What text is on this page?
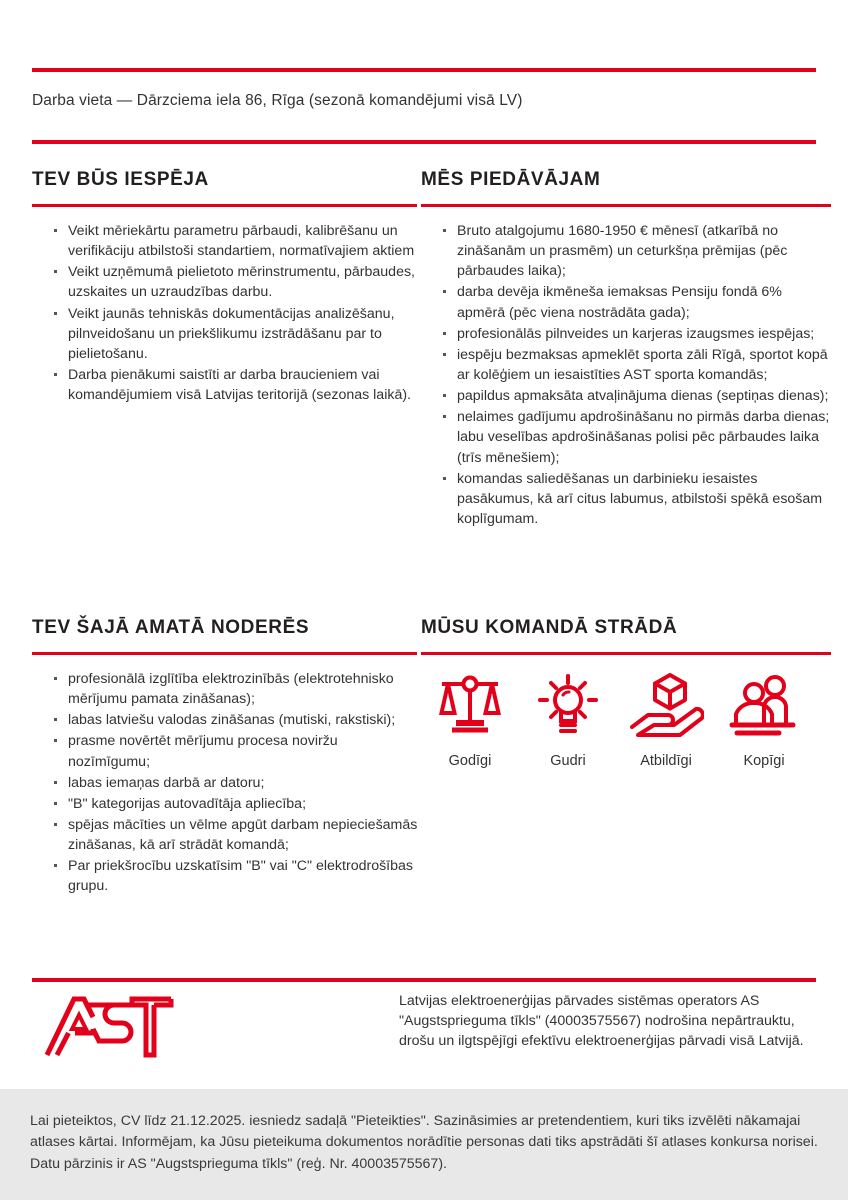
Darba vieta — Dārzciema iela 86, Rīga (sezonā komandējumi visā LV)
TEV BŪS IESPĒJA
Veikt mēriekārtu parametru pārbaudi, kalibrēšanu un verifikāciju atbilstoši standartiem, normatīvajiem aktiem
Veikt uzņēmumā pielietoto mērinstrumentu, pārbaudes, uzskaites un uzraudzības darbu.
Veikt jaunās tehniskās dokumentācijas analizēšanu, pilnveidošanu un priekšlikumu izstrādāšanu par to pielietošanu.
Darba pienākumi saistīti ar darba braucieniem vai komandējumiem visā Latvijas teritorijā (sezonas laikā).
MĒS PIEDĀVĀJAM
Bruto atalgojumu 1680-1950 € mēnesī (atkarībā no zināšanām un prasmēm) un ceturkšņa prēmijas (pēc pārbaudes laika);
darba devēja ikmēneša iemaksas Pensiju fondā 6% apmērā (pēc viena nostrādāta gada);
profesionālās pilnveides un karjeras izaugsmes iespējas;
iespēju bezmaksas apmeklēt sporta zāli Rīgā, sportot kopā ar kolēģiem un iesaistīties AST sporta komandās;
papildus apmaksāta atvaļinājuma dienas (septiņas dienas);
nelaimes gadījumu apdrošināšanu no pirmās darba dienas; labu veselības apdrošināšanas polisi pēc pārbaudes laika (trīs mēnešiem);
komandas saliedēšanas un darbinieku iesaistes pasākumus, kā arī citus labumus, atbilstoši spēkā esošam koplīgumam.
TEV ŠAJĀ AMATĀ NODERĒS
profesionālā izglītība elektrozinībās (elektrotehnisko mērījumu pamata zināšanas);
labas latviešu valodas zināšanas (mutiski, rakstiski);
prasme novērtēt mērījumu procesa noviržu nozīmīgumu;
labas iemaņas darbā ar datoru;
"B" kategorijas autovadītāja apliecība;
spējas mācīties un vēlme apgūt darbam nepieciešamās zināšanas, kā arī strādāt komandā;
Par priekšrocību uzskatīsim "B" vai "C" elektrodrošības grupu.
MŪSU KOMANDĀ STRĀDĀ
Godīgi	Gudri	Atbildīgi	Kopīgi
Latvijas elektroenerģijas pārvades sistēmas operators AS "Augstsprieguma tīkls" (40003575567) nodrošina nepārtrauktu, drošu un ilgtspējīgi efektīvu elektroenerģijas pārvadi visā Latvijā.

Lai pieteiktos, CV līdz 21.12.2025. iesniedz sadaļā "Pieteikties". Sazināsimies ar pretendentiem, kuri tiks izvēlēti nākamajai atlases kārtai. Informējam, ka Jūsu pieteikuma dokumentos norādītie personas dati tiks apstrādāti šī atlases konkursa norisei. Datu pārzinis ir AS "Augstsprieguma tīkls" (reģ. Nr. 40003575567).
